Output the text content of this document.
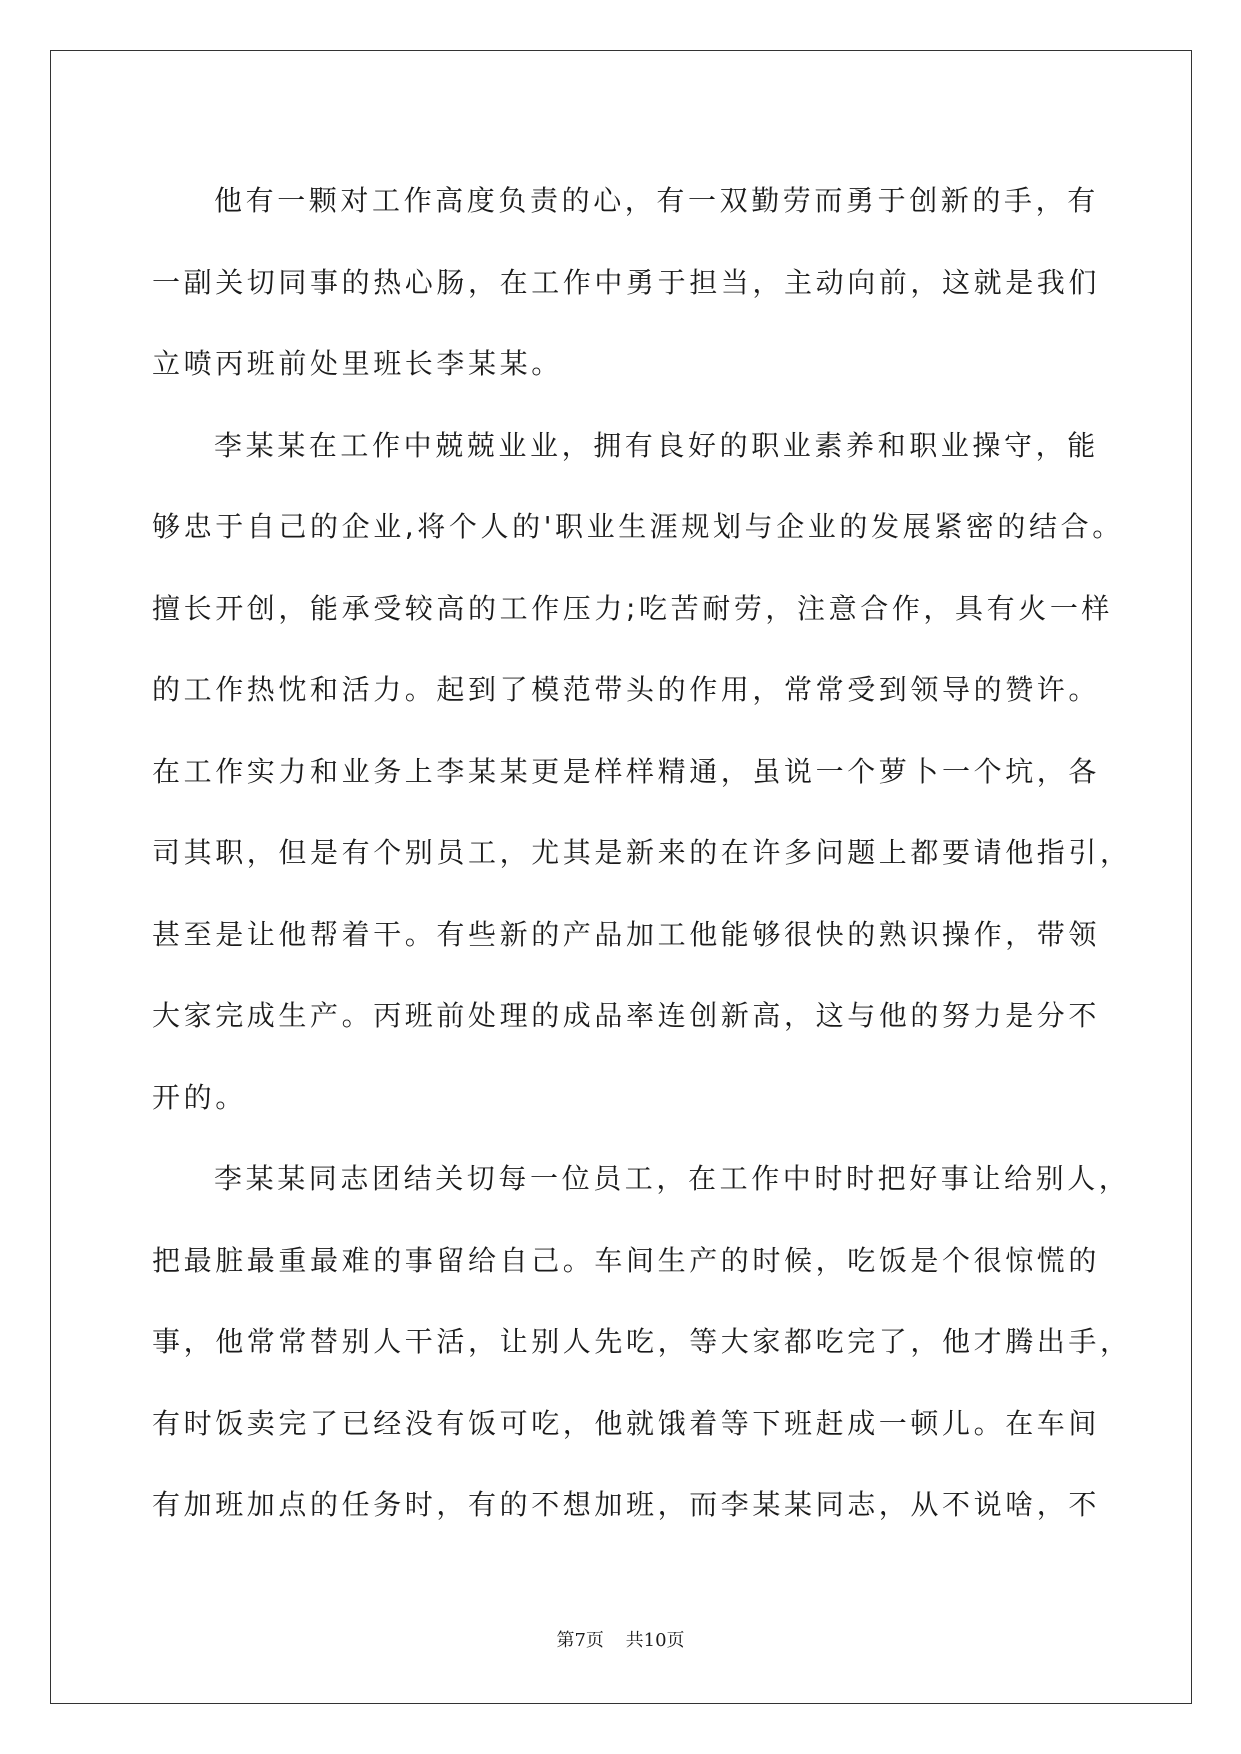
他有一颗对工作高度负责的心，有一双勤劳而勇于创新的手，有
一副关切同事的热心肠，在工作中勇于担当，主动向前，这就是我们
立喷丙班前处里班长李某某。
李某某在工作中兢兢业业，拥有良好的职业素养和职业操守，能
够忠于自己的企业,将个人的'职业生涯规划与企业的发展紧密的结合。
擅长开创，能承受较高的工作压力;吃苦耐劳，注意合作，具有火一样
的工作热忱和活力。起到了模范带头的作用，常常受到领导的赞许。
在工作实力和业务上李某某更是样样精通，虽说一个萝卜一个坑，各
司其职，但是有个别员工，尤其是新来的在许多问题上都要请他指引，
甚至是让他帮着干。有些新的产品加工他能够很快的熟识操作，带领
大家完成生产。丙班前处理的成品率连创新高，这与他的努力是分不
开的。
李某某同志团结关切每一位员工，在工作中时时把好事让给别人，
把最脏最重最难的事留给自己。车间生产的时候，吃饭是个很惊慌的
事，他常常替别人干活，让别人先吃，等大家都吃完了，他才腾出手，
有时饭卖完了已经没有饭可吃，他就饿着等下班赶成一顿儿。在车间
有加班加点的任务时，有的不想加班，而李某某同志，从不说啥，不
第7页 共10页
